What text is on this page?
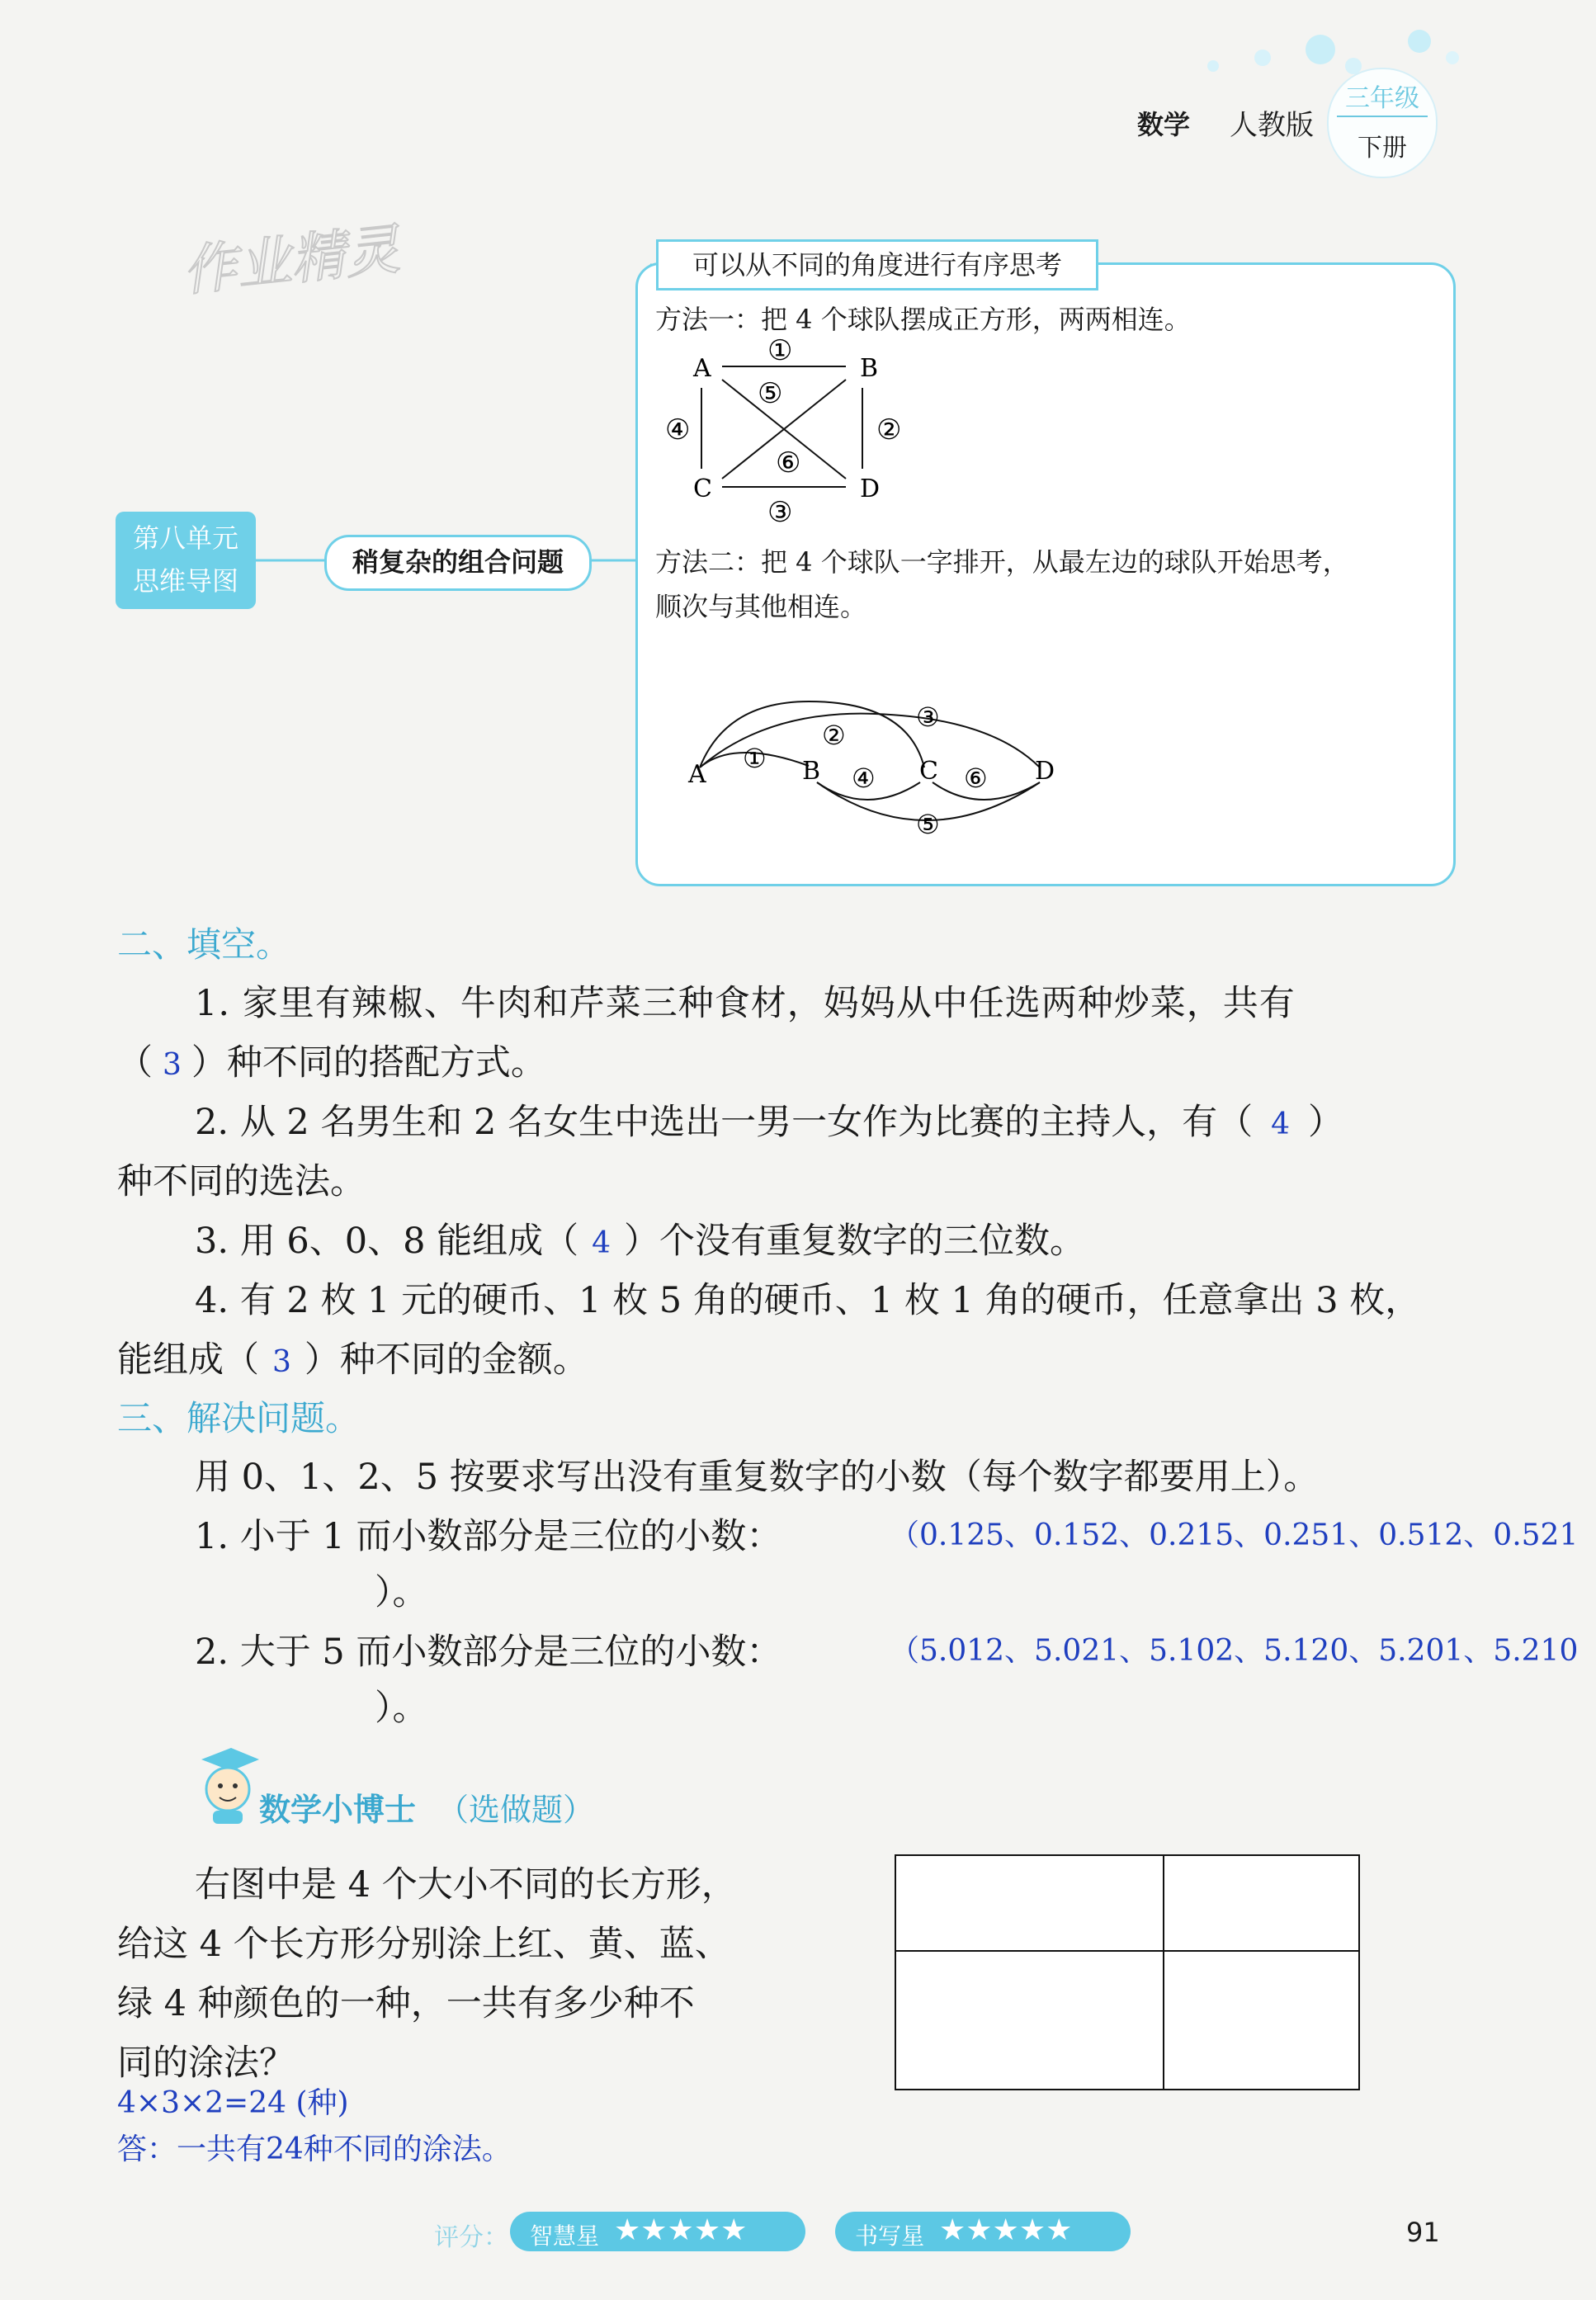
数学 人教版
三年级
下册
作业精灵
第八单元
思维导图
稍复杂的组合问题
可以从不同的角度进行有序思考
方法一：把 4 个球队摆成正方形，两两相连。
A	B
C	D
①
⑤
④	②
⑥
③
方法二：把 4 个球队一字排开，从最左边的球队开始思考，
顺次与其他相连。
A	B	C	D
①
②
③
④	⑥
⑤
二、填空。
1. 家里有辣椒、牛肉和芹菜三种食材，妈妈从中任选两种炒菜，共有
（ 3 ）种不同的搭配方式。
2. 从 2 名男生和 2 名女生中选出一男一女作为比赛的主持人，有（ 4 ）
种不同的选法。
3. 用 6、0、8 能组成（ 4 ）个没有重复数字的三位数。
4. 有 2 枚 1 元的硬币、1 枚 5 角的硬币、1 枚 1 角的硬币，任意拿出 3 枚，
能组成（ 3 ）种不同的金额。
三、解决问题。
用 0、1、2、5 按要求写出没有重复数字的小数（每个数字都要用上）。
1. 小于 1 而小数部分是三位的小数：	（0.125、0.152、0.215、0.251、0.512、0.521
）。
2. 大于 5 而小数部分是三位的小数：	（5.012、5.021、5.102、5.120、5.201、5.210
）。
数学小博士 （选做题）
右图中是 4 个大小不同的长方形，
给这 4 个长方形分别涂上红、黄、蓝、
绿 4 种颜色的一种，一共有多少种不
同的涂法？
4×3×2=24 (种)
答：一共有24种不同的涂法。
评分： 智慧星 ★★★★★	书写星 ★★★★★	91
